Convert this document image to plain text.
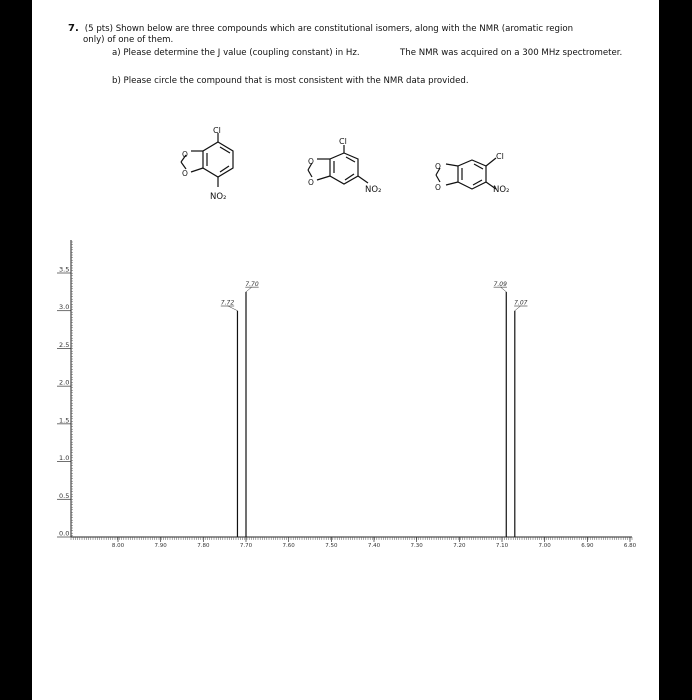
7. (5 pts) Shown below are three compounds which are constitutional isomers, along with the NMR (aromatic region
only) of one of them.
a) Please determine the J value (coupling constant) in Hz.	The NMR was acquired on a 300 MHz spectrometer.
b) Please circle the compound that is most consistent with the NMR data provided.
Cl
NO₂
O
O
Cl
NO₂
O
O
Cl
NO₂
O
O
0.0
0.5
1.0
1.5
2.0
2.5
3.0
3.5
8.00	7.90	7.80	7.70	7.60	7.50	7.40	7.30	7.20	7.10	7.00	6.90	6.80
7.72
7.70	7.09
7.07
